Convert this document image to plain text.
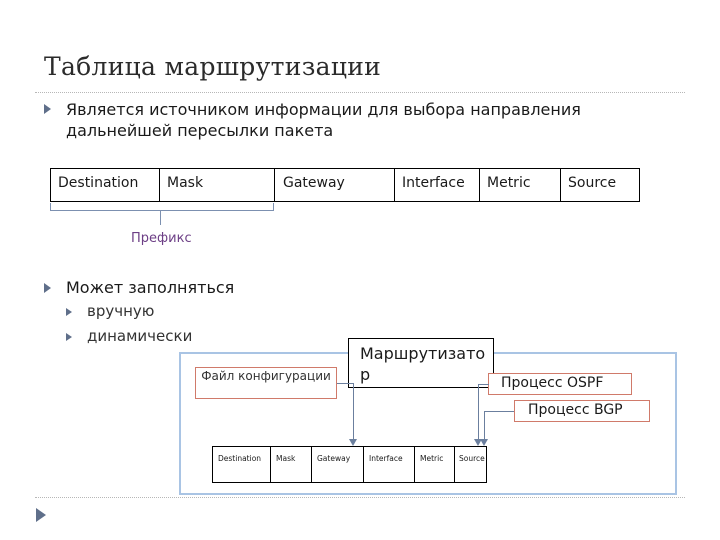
Таблица маршрутизации
Является источником информации для выбора направления дальнейшей пересылки пакета
Destination	Mask	Gateway	Interface	Metric	Source
Префикс
Может заполняться
вручную
динамически
Файл конфигурации
Маршрутизато р	Процесс OSPF
Процесс BGP
Destination	Mask	Gateway	Interface	Metric	Source
